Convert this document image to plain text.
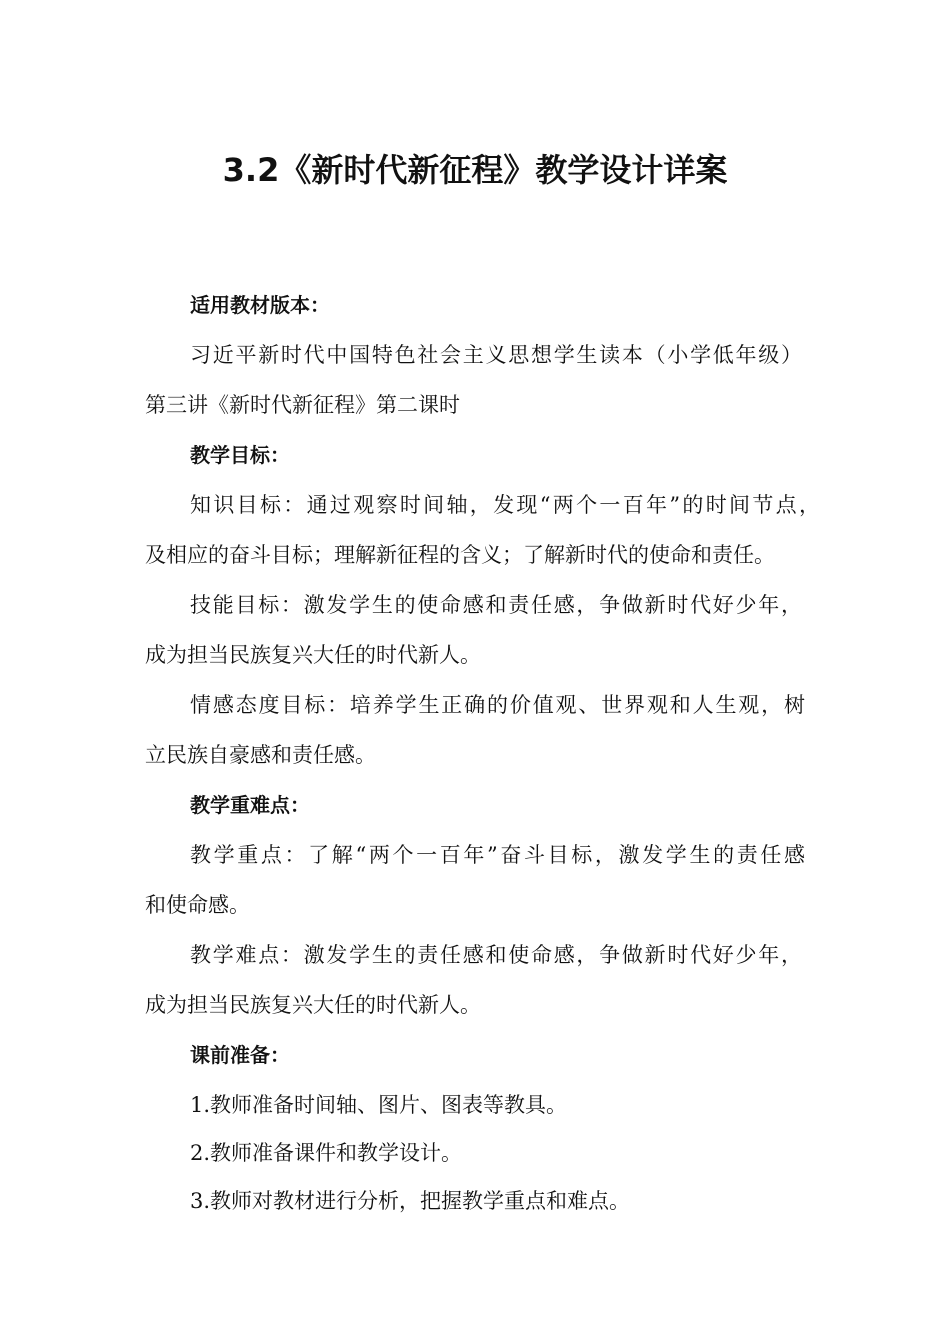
3.2《新时代新征程》教学设计详案
适用教材版本：
习近平新时代中国特色社会主义思想学生读本（小学低年级）
第三讲《新时代新征程》第二课时
教学目标：
知识目标：通过观察时间轴，发现“两个一百年”的时间节点，
及相应的奋斗目标；理解新征程的含义；了解新时代的使命和责任。
技能目标：激发学生的使命感和责任感，争做新时代好少年，
成为担当民族复兴大任的时代新人。
情感态度目标：培养学生正确的价值观、世界观和人生观，树
立民族自豪感和责任感。
教学重难点：
教学重点：了解“两个一百年”奋斗目标，激发学生的责任感
和使命感。
教学难点：激发学生的责任感和使命感，争做新时代好少年，
成为担当民族复兴大任的时代新人。
课前准备：
1.教师准备时间轴、图片、图表等教具。
2.教师准备课件和教学设计。
3.教师对教材进行分析，把握教学重点和难点。
